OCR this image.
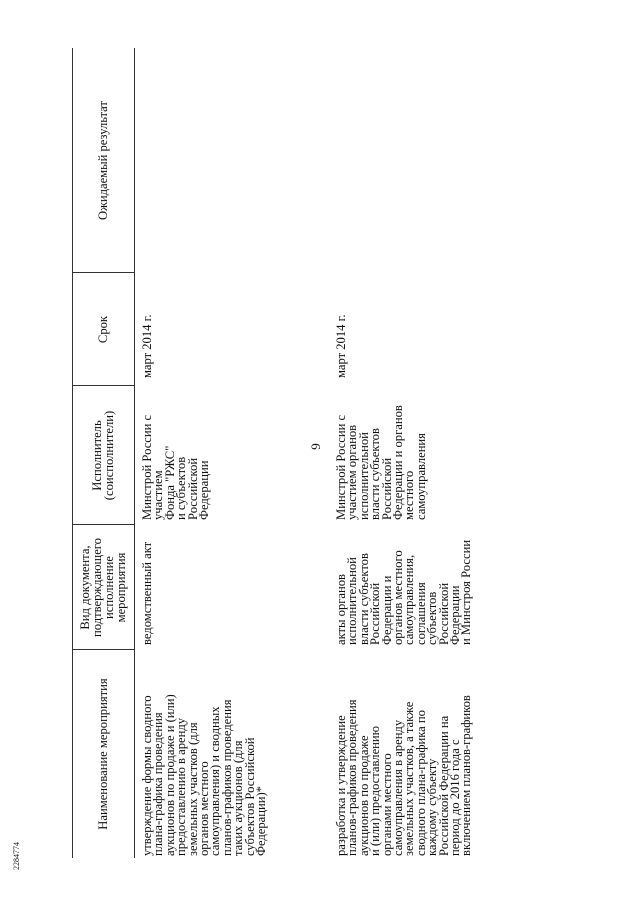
Наименование мероприятия
Вид документа,
подтверждающего
исполнение
мероприятия
Исполнитель
(соисполнители)
Срок
Ожидаемый результат
утверждение формы сводного
плана-графика проведения
аукционов по продаже и (или)
предоставлению в аренду
земельных участков (для
органов местного
самоуправления) и сводных
планов-графиков проведения
таких аукционов (для
субъектов Российской
Федерации)*
ведомственный акт
Минстрой России с
участием
Фонда "РЖС"
и субъектов
Российской
Федерации
март 2014 г.
разработка и утверждение
планов-графиков проведения
аукционов по продаже
и (или) предоставлению
органами местного
самоуправления в аренду
земельных участков, а также
сводного плана-графика по
каждому субъекту
Российской Федерации на
период до 2016 года с
включением планов-графиков
акты органов
исполнительной
власти субъектов
Российской
Федерации и
органов местного
самоуправления,
соглашения
субъектов
Российской
Федерации
и Минстроя России
Минстрой России с
участием органов
исполнительной
власти субъектов
Российской
Федерации и органов
местного
самоуправления
март 2014 г.
9
2284774
